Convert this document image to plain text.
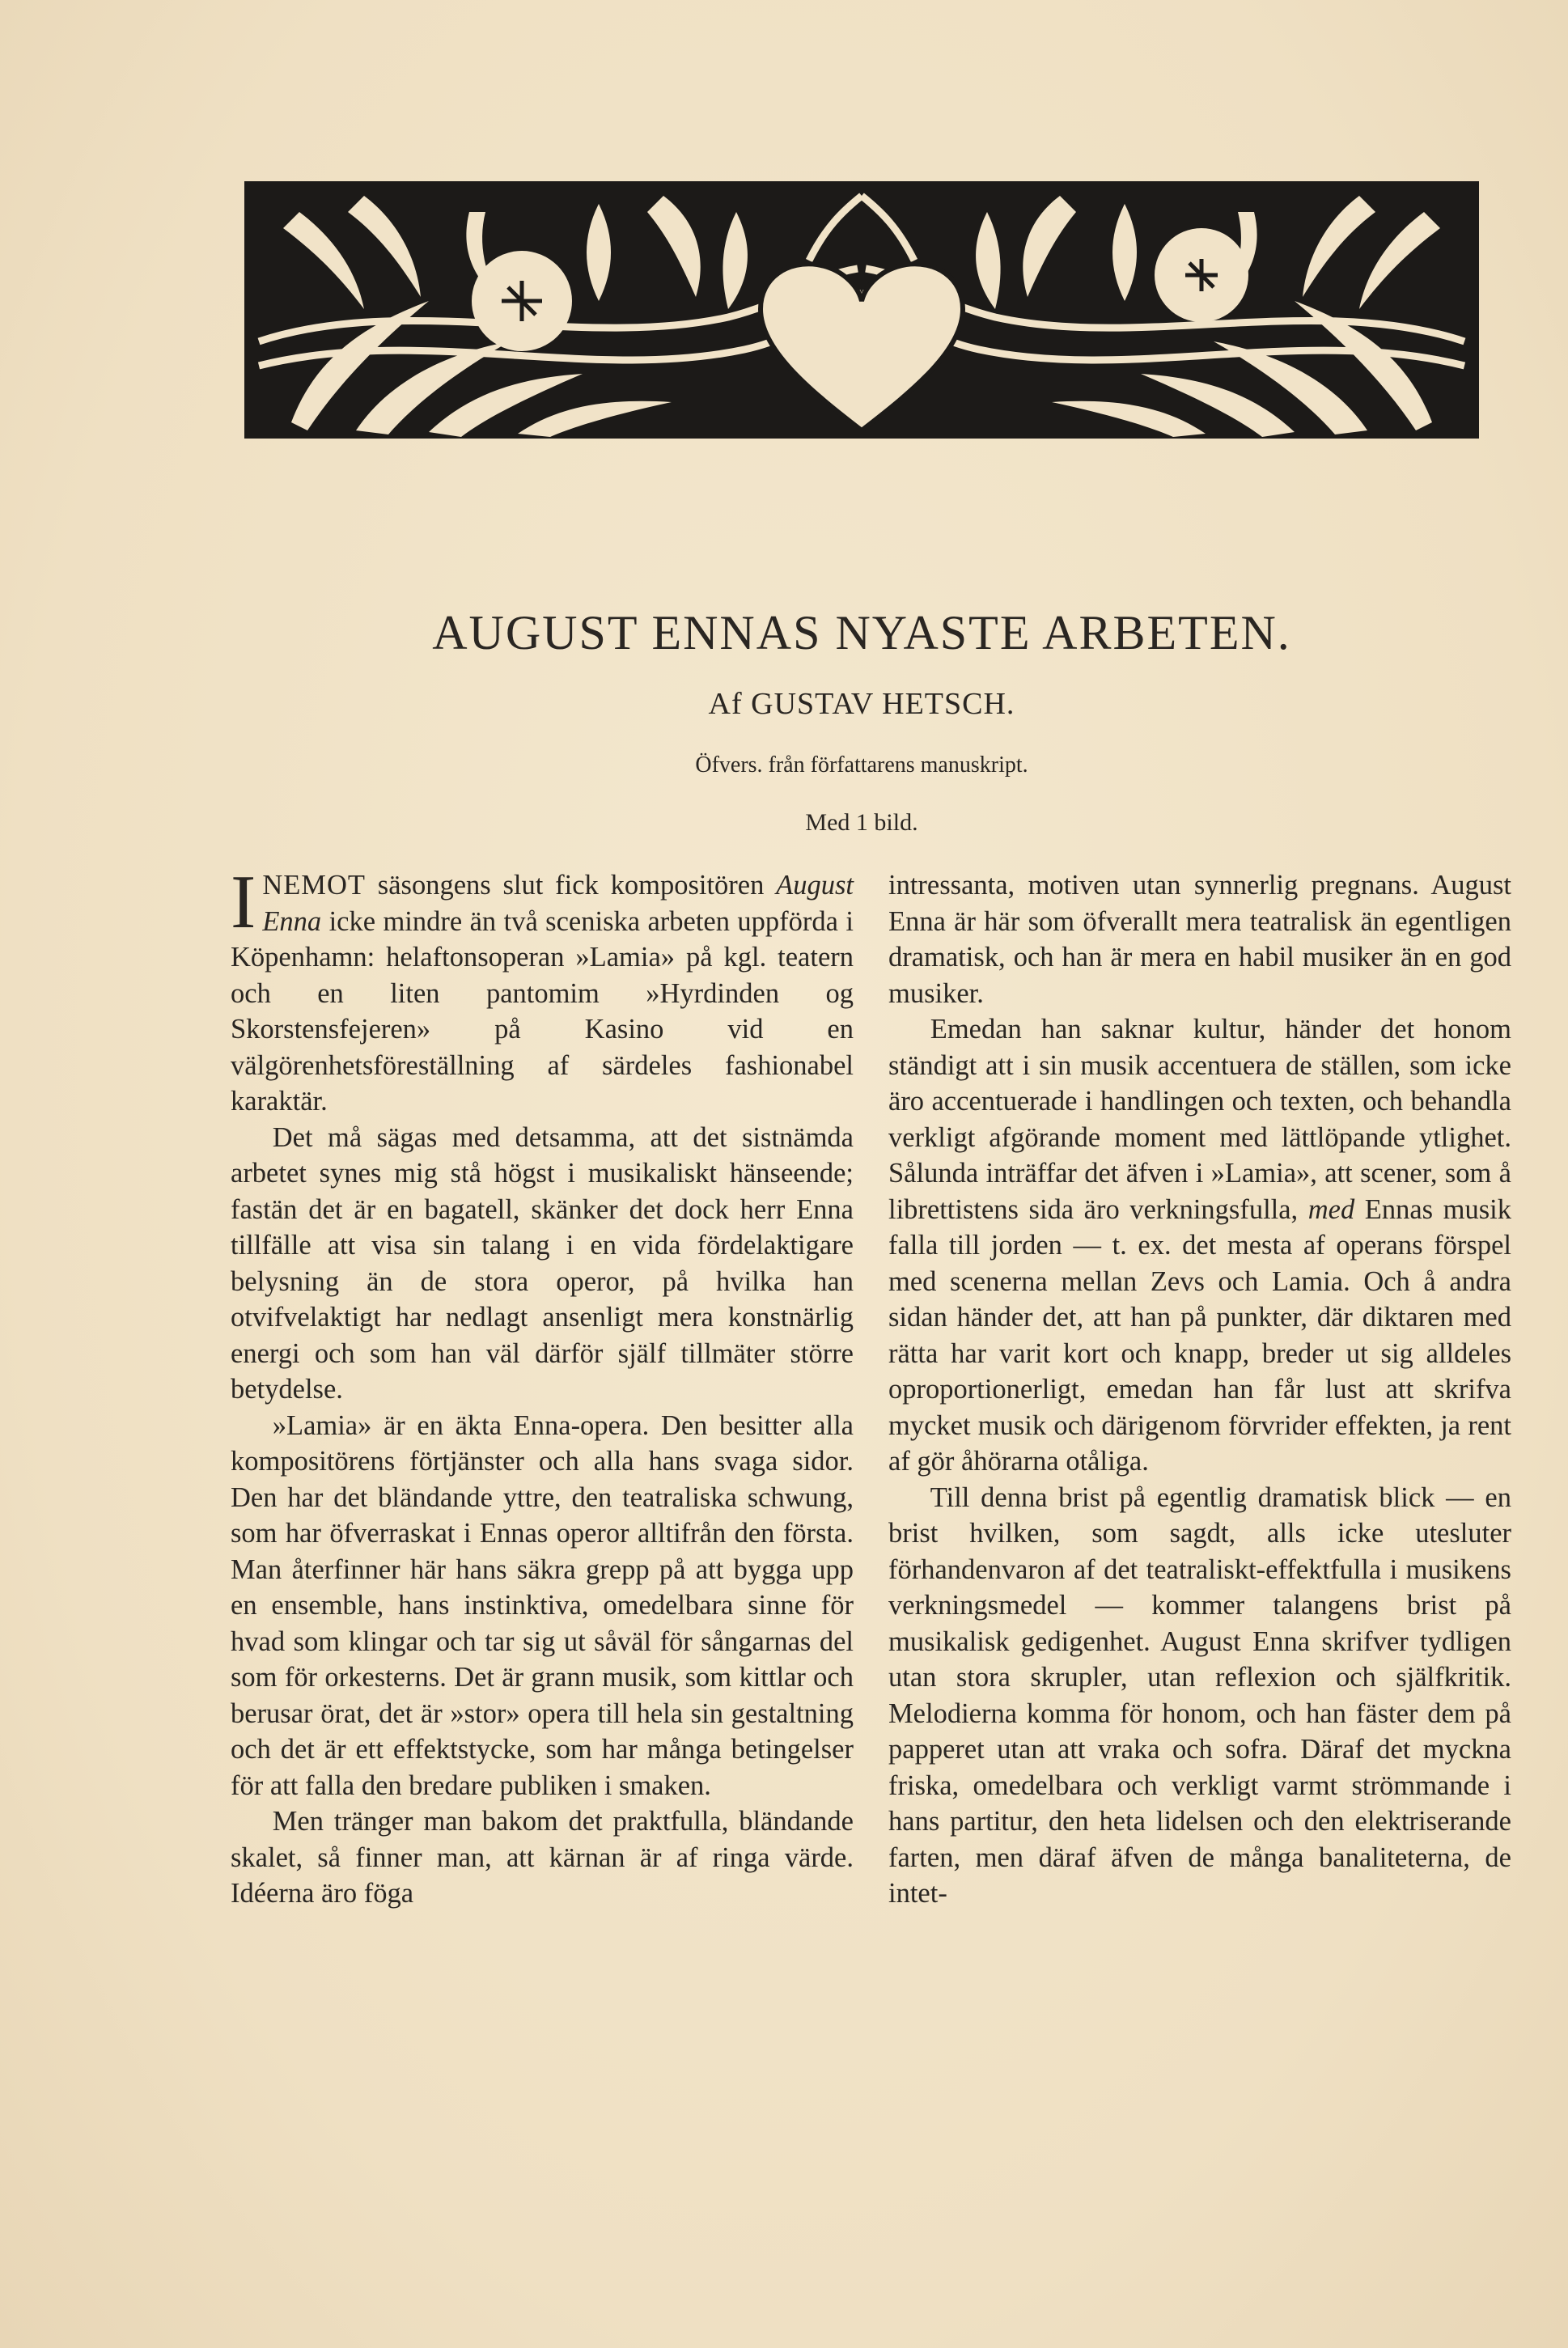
AUGUST ENNAS NYASTE ARBETEN.
Af GUSTAV HETSCH.
Öfvers. från författarens manuskript.
Med 1 bild.

INEMOT säsongens slut fick kompositören August Enna icke mindre än två sceniska arbeten uppförda i Köpenhamn: helaftonsoperan »Lamia» på kgl. teatern och en liten pantomim »Hyrdinden og Skorstensfejeren» på Kasino vid en välgörenhetsföreställning af särdeles fashionabel karaktär.

Det må sägas med detsamma, att det sistnämda arbetet synes mig stå högst i musikaliskt hänseende; fastän det är en bagatell, skänker det dock herr Enna tillfälle att visa sin talang i en vida fördelaktigare belysning än de stora operor, på hvilka han otvifvelaktigt har nedlagt ansenligt mera konstnärlig energi och som han väl därför själf tillmäter större betydelse.

»Lamia» är en äkta Enna-opera. Den besitter alla kompositörens förtjänster och alla hans svaga sidor. Den har det bländande yttre, den teatraliska schwung, som har öfverraskat i Ennas operor alltifrån den första. Man återfinner här hans säkra grepp på att bygga upp en ensemble, hans instinktiva, omedelbara sinne för hvad som klingar och tar sig ut såväl för sångarnas del som för orkesterns. Det är grann musik, som kittlar och berusar örat, det är »stor» opera till hela sin gestaltning och det är ett effektstycke, som har många betingelser för att falla den bredare publiken i smaken.

Men tränger man bakom det praktfulla, bländande skalet, så finner man, att kärnan är af ringa värde. Idéerna äro föga

intressanta, motiven utan synnerlig pregnans. August Enna är här som öfverallt mera teatralisk än egentligen dramatisk, och han är mera en habil musiker än en god musiker.

Emedan han saknar kultur, händer det honom ständigt att i sin musik accentuera de ställen, som icke äro accentuerade i handlingen och texten, och behandla verkligt afgörande moment med lättlöpande ytlighet. Sålunda inträffar det äfven i »Lamia», att scener, som å librettistens sida äro verkningsfulla, med Ennas musik falla till jorden — t. ex. det mesta af operans förspel med scenerna mellan Zevs och Lamia. Och å andra sidan händer det, att han på punkter, där diktaren med rätta har varit kort och knapp, breder ut sig alldeles oproportionerligt, emedan han får lust att skrifva mycket musik och därigenom förvrider effekten, ja rent af gör åhörarna otåliga.

Till denna brist på egentlig dramatisk blick — en brist hvilken, som sagdt, alls icke utesluter förhandenvaron af det teatraliskt-effektfulla i musikens verkningsmedel — kommer talangens brist på musikalisk gedigenhet. August Enna skrifver tydligen utan stora skrupler, utan reflexion och själfkritik. Melodierna komma för honom, och han fäster dem på papperet utan att vraka och sofra. Däraf det myckna friska, omedelbara och verkligt varmt strömmande i hans partitur, den heta lidelsen och den elektriserande farten, men däraf äfven de många banaliteterna, de intet-
